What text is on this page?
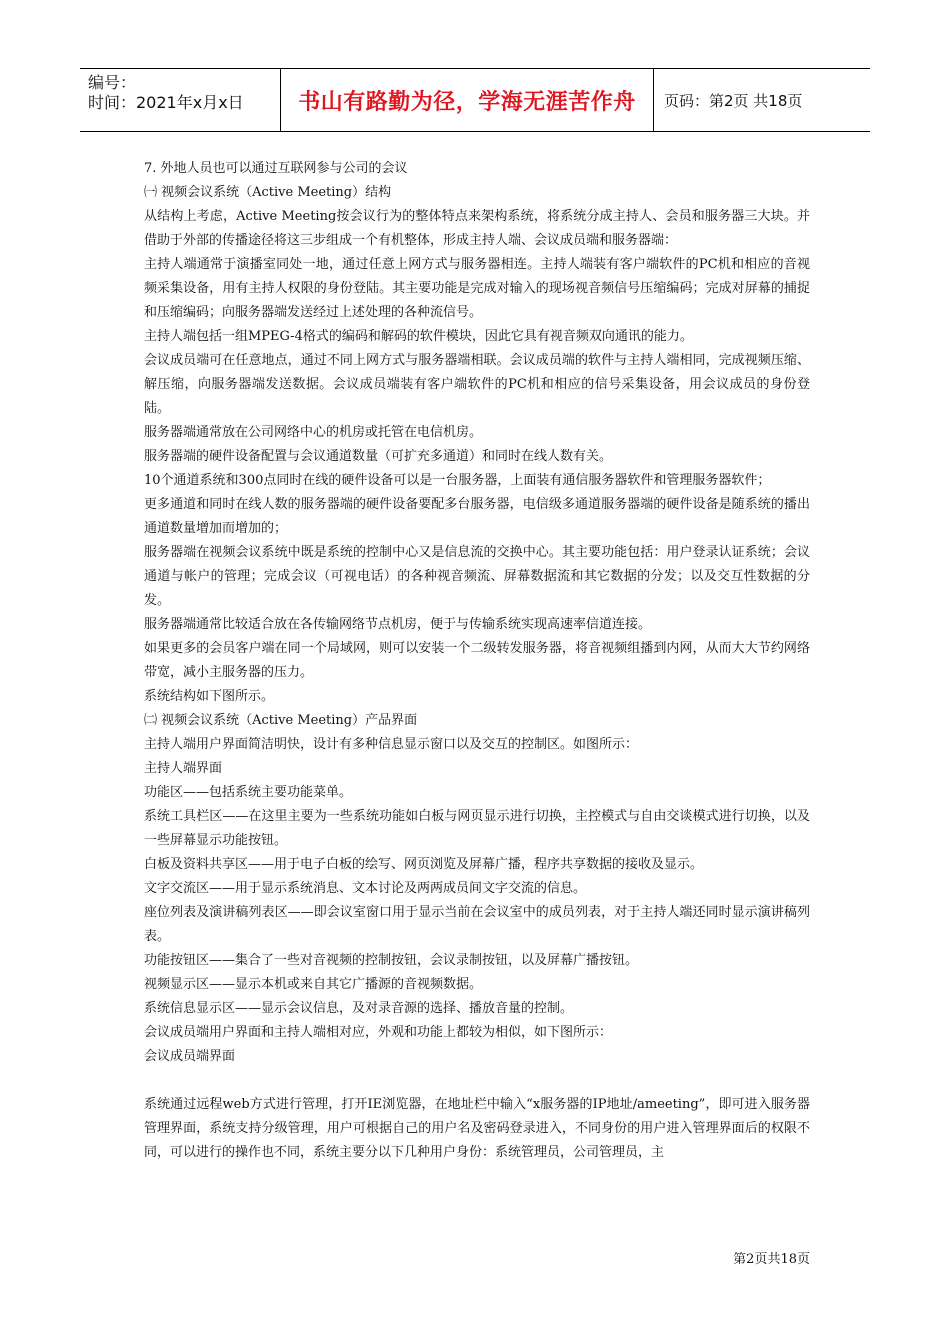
编号：
时间：2021年x月x日	书山有路勤为径，学海无涯苦作舟	页码：第2页 共18页

7. 外地人员也可以通过互联网参与公司的会议

㈠ 视频会议系统（Active Meeting）结构

从结构上考虑，Active Meeting按会议行为的整体特点来架构系统，将系统分成主持人、会员和服务器三大块。并借助于外部的传播途径将这三步组成一个有机整体，形成主持人端、会议成员端和服务器端：

主持人端通常于演播室同处一地，通过任意上网方式与服务器相连。主持人端装有客户端软件的PC机和相应的音视频采集设备，用有主持人权限的身份登陆。其主要功能是完成对输入的现场视音频信号压缩编码；完成对屏幕的捕捉和压缩编码；向服务器端发送经过上述处理的各种流信号。

主持人端包括一组MPEG-4格式的编码和解码的软件模块，因此它具有视音频双向通讯的能力。

会议成员端可在任意地点，通过不同上网方式与服务器端相联。会议成员端的软件与主持人端相同，完成视频压缩、解压缩，向服务器端发送数据。会议成员端装有客户端软件的PC机和相应的信号采集设备，用会议成员的身份登陆。

服务器端通常放在公司网络中心的机房或托管在电信机房。

服务器端的硬件设备配置与会议通道数量（可扩充多通道）和同时在线人数有关。

10个通道系统和300点同时在线的硬件设备可以是一台服务器，上面装有通信服务器软件和管理服务器软件；

更多通道和同时在线人数的服务器端的硬件设备要配多台服务器，电信级多通道服务器端的硬件设备是随系统的播出通道数量增加而增加的；

服务器端在视频会议系统中既是系统的控制中心又是信息流的交换中心。其主要功能包括：用户登录认证系统；会议通道与帐户的管理；完成会议（可视电话）的各种视音频流、屏幕数据流和其它数据的分发；以及交互性数据的分发。

服务器端通常比较适合放在各传输网络节点机房，便于与传输系统实现高速率信道连接。

如果更多的会员客户端在同一个局域网，则可以安装一个二级转发服务器，将音视频组播到内网，从而大大节约网络带宽，减小主服务器的压力。

系统结构如下图所示。

㈡ 视频会议系统（Active Meeting）产品界面

主持人端用户界面简洁明快，设计有多种信息显示窗口以及交互的控制区。如图所示：

主持人端界面

功能区——包括系统主要功能菜单。

系统工具栏区——在这里主要为一些系统功能如白板与网页显示进行切换，主控模式与自由交谈模式进行切换，以及一些屏幕显示功能按钮。

白板及资料共享区——用于电子白板的绘写、网页浏览及屏幕广播，程序共享数据的接收及显示。

文字交流区——用于显示系统消息、文本讨论及两两成员间文字交流的信息。

座位列表及演讲稿列表区——即会议室窗口用于显示当前在会议室中的成员列表，对于主持人端还同时显示演讲稿列表。

功能按钮区——集合了一些对音视频的控制按钮，会议录制按钮，以及屏幕广播按钮。

视频显示区——显示本机或来自其它广播源的音视频数据。

系统信息显示区——显示会议信息，及对录音源的选择、播放音量的控制。

会议成员端用户界面和主持人端相对应，外观和功能上都较为相似，如下图所示：

会议成员端界面

系统通过远程web方式进行管理，打开IE浏览器，在地址栏中输入“x服务器的IP地址/ameeting”，即可进入服务器管理界面，系统支持分级管理，用户可根据自己的用户名及密码登录进入，不同身份的用户进入管理界面后的权限不同，可以进行的操作也不同，系统主要分以下几种用户身份：系统管理员，公司管理员，主

第2页共18页
